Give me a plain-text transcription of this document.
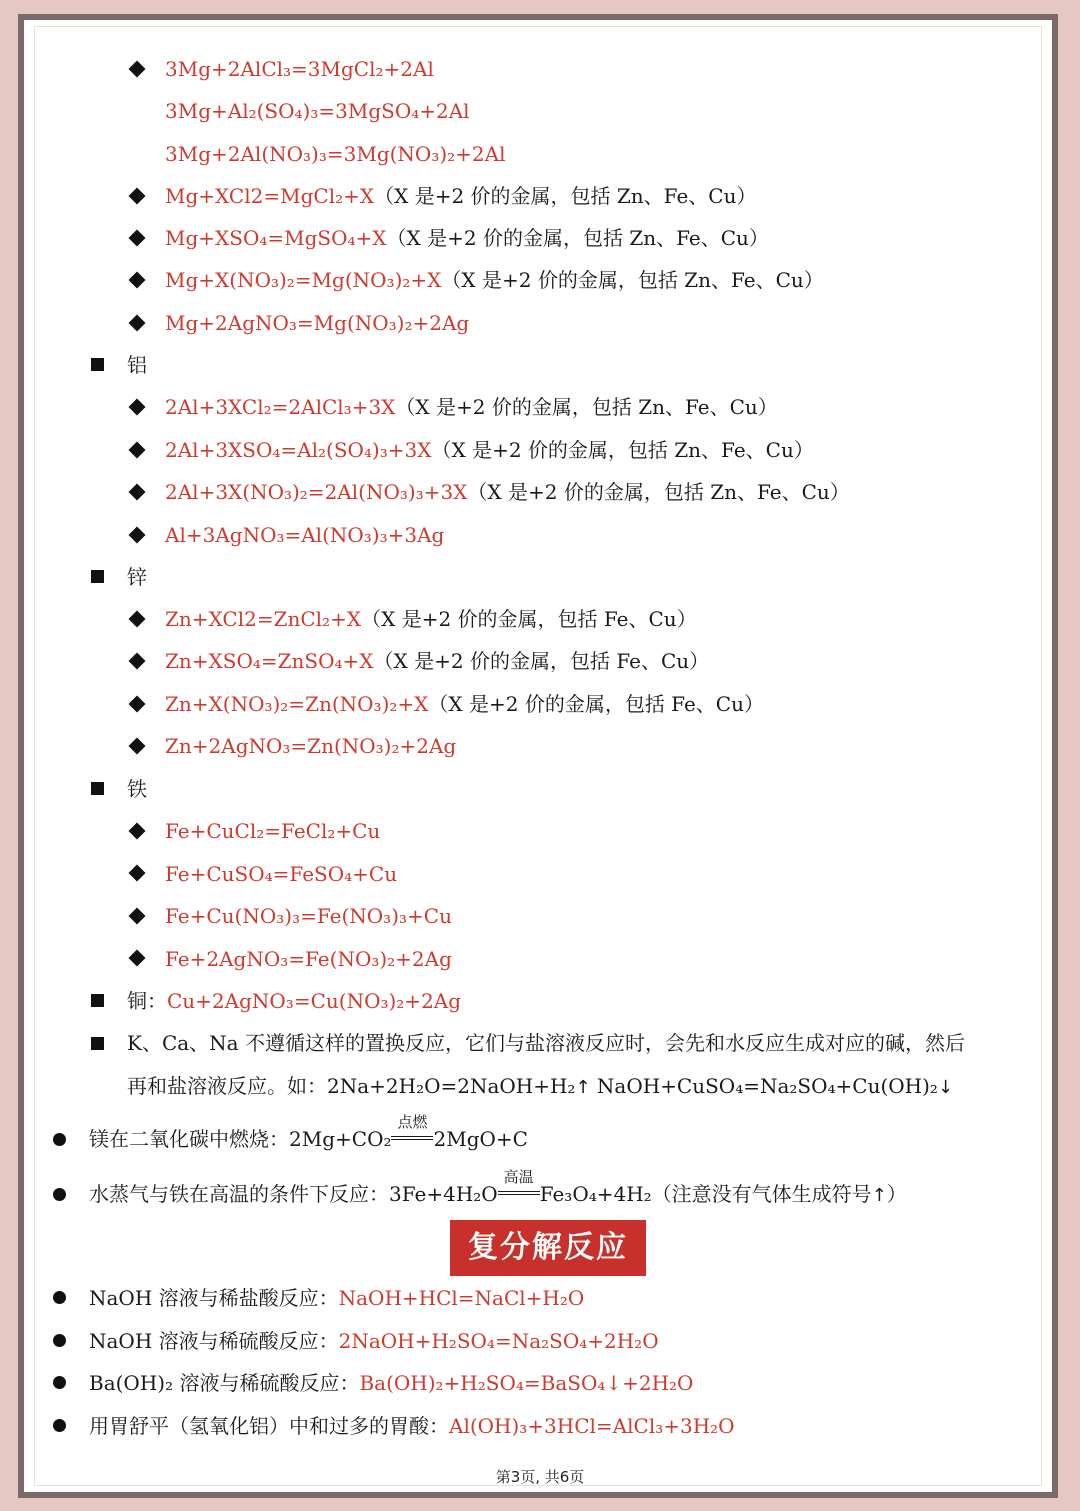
3Mg+2AlCl₃=3MgCl₂+2Al
3Mg+Al₂(SO₄)₃=3MgSO₄+2Al
3Mg+2Al(NO₃)₃=3Mg(NO₃)₂+2Al
Mg+XCl2=MgCl₂+X（X 是+2 价的金属，包括 Zn、Fe、Cu）
Mg+XSO₄=MgSO₄+X（X 是+2 价的金属，包括 Zn、Fe、Cu）
Mg+X(NO₃)₂=Mg(NO₃)₂+X（X 是+2 价的金属，包括 Zn、Fe、Cu）
Mg+2AgNO₃=Mg(NO₃)₂+2Ag
铝
2Al+3XCl₂=2AlCl₃+3X（X 是+2 价的金属，包括 Zn、Fe、Cu）
2Al+3XSO₄=Al₂(SO₄)₃+3X（X 是+2 价的金属，包括 Zn、Fe、Cu）
2Al+3X(NO₃)₂=2Al(NO₃)₃+3X（X 是+2 价的金属，包括 Zn、Fe、Cu）
Al+3AgNO₃=Al(NO₃)₃+3Ag
锌
Zn+XCl2=ZnCl₂+X（X 是+2 价的金属，包括 Fe、Cu）
Zn+XSO₄=ZnSO₄+X（X 是+2 价的金属，包括 Fe、Cu）
Zn+X(NO₃)₂=Zn(NO₃)₂+X（X 是+2 价的金属，包括 Fe、Cu）
Zn+2AgNO₃=Zn(NO₃)₂+2Ag
铁
Fe+CuCl₂=FeCl₂+Cu
Fe+CuSO₄=FeSO₄+Cu
Fe+Cu(NO₃)₃=Fe(NO₃)₃+Cu
Fe+2AgNO₃=Fe(NO₃)₂+2Ag
铜：Cu+2AgNO₃=Cu(NO₃)₂+2Ag
K、Ca、Na 不遵循这样的置换反应，它们与盐溶液反应时，会先和水反应生成对应的碱，然后
再和盐溶液反应。如：2Na+2H₂O=2NaOH+H₂↑ NaOH+CuSO₄=Na₂SO₄+Cu(OH)₂↓
镁在二氧化碳中燃烧：2Mg+CO₂
点燃
2MgO+C
水蒸气与铁在高温的条件下反应：3Fe+4H₂O
高温
Fe₃O₄+4H₂（注意没有气体生成符号↑）
复分解反应
NaOH 溶液与稀盐酸反应：NaOH+HCl=NaCl+H₂O
NaOH 溶液与稀硫酸反应：2NaOH+H₂SO₄=Na₂SO₄+2H₂O
Ba(OH)₂ 溶液与稀硫酸反应：Ba(OH)₂+H₂SO₄=BaSO₄↓+2H₂O
用胃舒平（氢氧化铝）中和过多的胃酸：Al(OH)₃+3HCl=AlCl₃+3H₂O
第3页, 共6页
